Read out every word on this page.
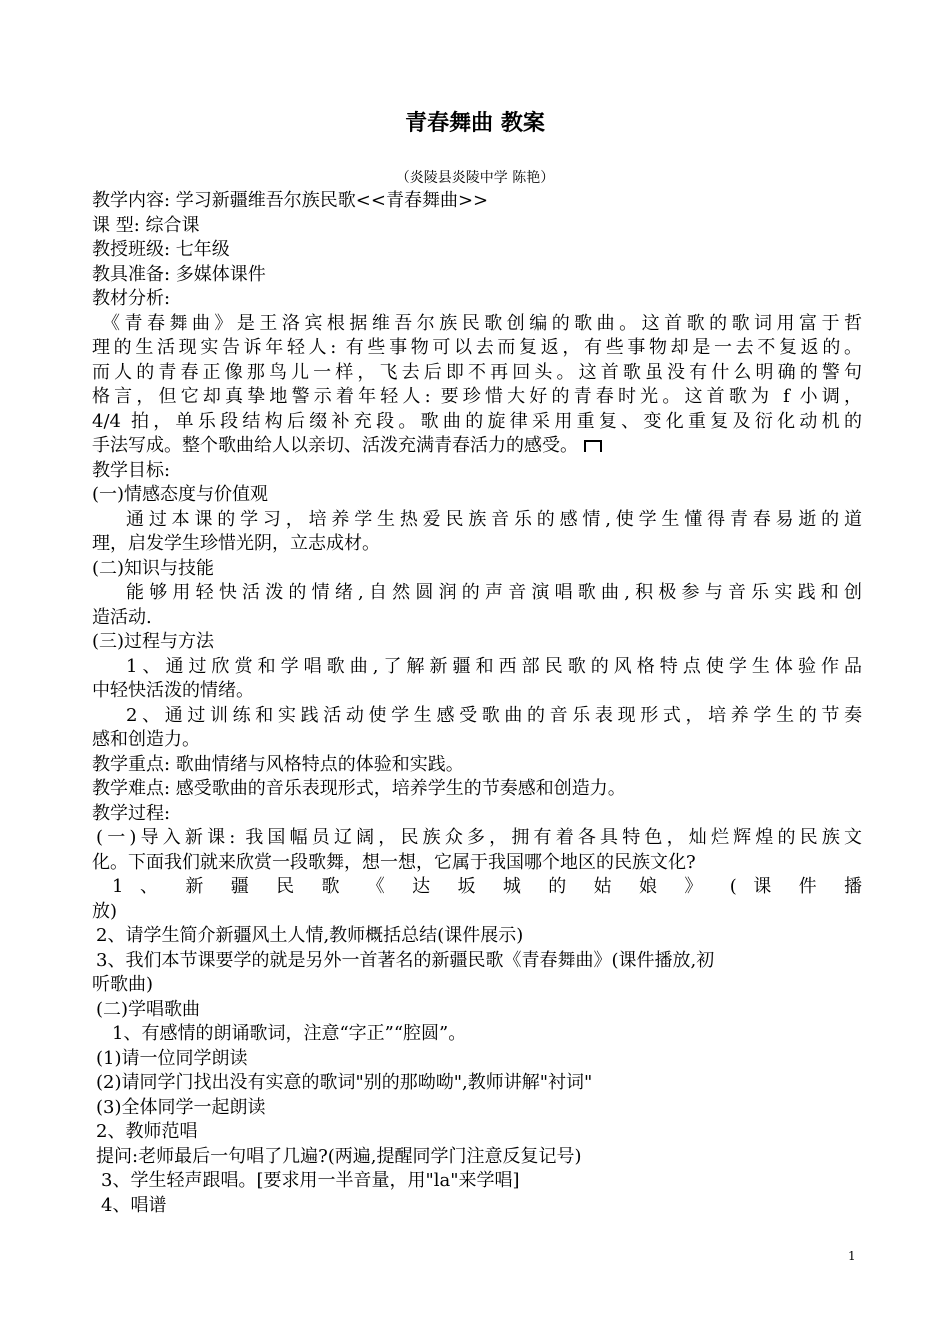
青春舞曲 教案
（炎陵县炎陵中学 陈艳）
教学内容: 学习新疆维吾尔族民歌<<青春舞曲>>
课 型: 综合课
教授班级: 七年级
教具准备: 多媒体课件
教材分析:
《青春舞曲》是王洛宾根据维吾尔族民歌创编的歌曲。这首歌的歌词用富于哲
理的生活现实告诉年轻人: 有些事物可以去而复返，有些事物却是一去不复返的。
而人的青春正像那鸟儿一样，飞去后即不再回头。这首歌虽没有什么明确的警句
格言，但它却真挚地警示着年轻人: 要珍惜大好的青春时光。这首歌为 f 小调，
4/4 拍，单乐段结构后缀补充段。歌曲的旋律采用重复、变化重复及衍化动机的
手法写成。整个歌曲给人以亲切、活泼充满青春活力的感受。
教学目标:
(一)情感态度与价值观
通过本课的学习，培养学生热爱民族音乐的感情,使学生懂得青春易逝的道
理，启发学生珍惜光阴，立志成材。
(二)知识与技能
能够用轻快活泼的情绪,自然圆润的声音演唱歌曲,积极参与音乐实践和创
造活动.
(三)过程与方法
1、通过欣赏和学唱歌曲,了解新疆和西部民歌的风格特点使学生体验作品
中轻快活泼的情绪。
2、通过训练和实践活动使学生感受歌曲的音乐表现形式，培养学生的节奏
感和创造力。
教学重点: 歌曲情绪与风格特点的体验和实践。
教学难点: 感受歌曲的音乐表现形式，培养学生的节奏感和创造力。
教学过程:
(一)导入新课: 我国幅员辽阔，民族众多，拥有着各具特色，灿烂辉煌的民族文
化。下面我们就来欣赏一段歌舞，想一想，它属于我国哪个地区的民族文化?
1 、 新 疆 民 歌 《 达 坂 城 的 姑 娘 》 ( 课 件 播
放)
2、请学生简介新疆风土人情,教师概括总结(课件展示)
3、我们本节课要学的就是另外一首著名的新疆民歌《青春舞曲》(课件播放,初
听歌曲)
(二)学唱歌曲
1、有感情的朗诵歌词，注意“字正”“腔圆”。
(1)请一位同学朗读
(2)请同学门找出没有实意的歌词"别的那呦呦",教师讲解"衬词"
(3)全体同学一起朗读
2、教师范唱
提问:老师最后一句唱了几遍?(两遍,提醒同学门注意反复记号)
3、学生轻声跟唱。[要求用一半音量，用"la"来学唱]
4、唱谱
1
